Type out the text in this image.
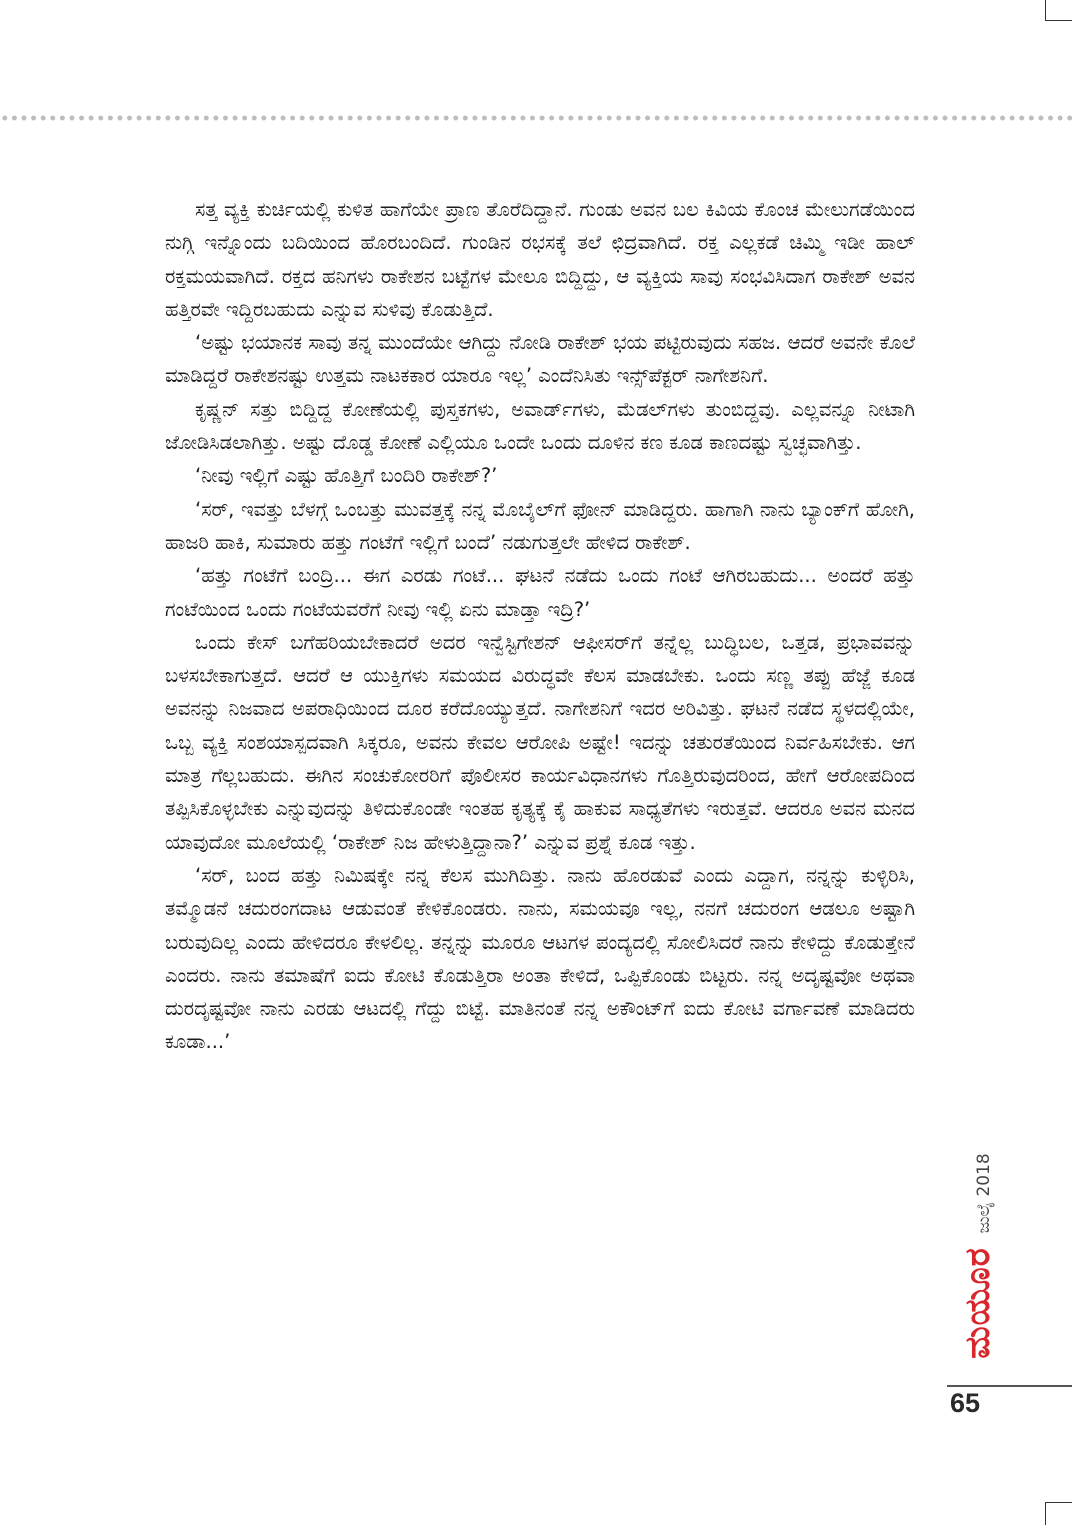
ಸತ್ತ ವ್ಯಕ್ತಿ ಕುರ್ಚಿಯಲ್ಲಿ ಕುಳಿತ ಹಾಗೆಯೇ ಪ್ರಾಣ ತೊರೆದಿದ್ದಾನೆ. ಗುಂಡು ಅವನ ಬಲ ಕಿವಿಯ ಕೊಂಚ ಮೇಲುಗಡೆಯಿಂದ ನುಗ್ಗಿ ಇನ್ನೊಂದು ಬದಿಯಿಂದ ಹೊರಬಂದಿದೆ. ಗುಂಡಿನ ರಭಸಕ್ಕೆ ತಲೆ ಛಿದ್ರವಾಗಿದೆ. ರಕ್ತ ಎಲ್ಲಕಡೆ ಚಿಮ್ಮಿ ಇಡೀ ಹಾಲ್ ರಕ್ತಮಯವಾಗಿದೆ. ರಕ್ತದ ಹನಿಗಳು ರಾಕೇಶನ ಬಟ್ಟೆಗಳ ಮೇಲೂ ಬಿದ್ದಿದ್ದು, ಆ ವ್ಯಕ್ತಿಯ ಸಾವು ಸಂಭವಿಸಿದಾಗ ರಾಕೇಶ್ ಅವನ ಹತ್ತಿರವೇ ಇದ್ದಿರಬಹುದು ಎನ್ನುವ ಸುಳಿವು ಕೊಡುತ್ತಿದೆ.

‘ಅಷ್ಟು ಭಯಾನಕ ಸಾವು ತನ್ನ ಮುಂದೆಯೇ ಆಗಿದ್ದು ನೋಡಿ ರಾಕೇಶ್ ಭಯ ಪಟ್ಟಿರುವುದು ಸಹಜ. ಆದರೆ ಅವನೇ ಕೊಲೆ ಮಾಡಿದ್ದರೆ ರಾಕೇಶನಷ್ಟು ಉತ್ತಮ ನಾಟಕಕಾರ ಯಾರೂ ಇಲ್ಲ’ ಎಂದೆನಿಸಿತು ಇನ್ಸ್‌ಪೆಕ್ಟರ್ ನಾಗೇಶನಿಗೆ.

ಕೃಷ್ಣನ್ ಸತ್ತು ಬಿದ್ದಿದ್ದ ಕೋಣೆಯಲ್ಲಿ ಪುಸ್ತಕಗಳು, ಅವಾರ್ಡ್‌ಗಳು, ಮೆಡಲ್‌ಗಳು ತುಂಬಿದ್ದವು. ಎಲ್ಲವನ್ನೂ ನೀಟಾಗಿ ಜೋಡಿಸಿಡಲಾಗಿತ್ತು. ಅಷ್ಟು ದೊಡ್ಡ ಕೋಣೆ ಎಲ್ಲಿಯೂ ಒಂದೇ ಒಂದು ದೂಳಿನ ಕಣ ಕೂಡ ಕಾಣದಷ್ಟು ಸ್ವಚ್ಛವಾಗಿತ್ತು.

‘ನೀವು ಇಲ್ಲಿಗೆ ಎಷ್ಟು ಹೊತ್ತಿಗೆ ಬಂದಿರಿ ರಾಕೇಶ್?’

‘ಸರ್, ಇವತ್ತು ಬೆಳಗ್ಗೆ ಒಂಬತ್ತು ಮುವತ್ತಕ್ಕೆ ನನ್ನ ಮೊಬೈಲ್‌ಗೆ ಫೋನ್ ಮಾಡಿದ್ದರು. ಹಾಗಾಗಿ ನಾನು ಬ್ಯಾಂಕ್‌ಗೆ ಹೋಗಿ, ಹಾಜರಿ ಹಾಕಿ, ಸುಮಾರು ಹತ್ತು ಗಂಟೆಗೆ ಇಲ್ಲಿಗೆ ಬಂದೆ’ ನಡುಗುತ್ತಲೇ ಹೇಳಿದ ರಾಕೇಶ್.

‘ಹತ್ತು ಗಂಟೆಗೆ ಬಂದ್ರಿ... ಈಗ ಎರಡು ಗಂಟೆ... ಘಟನೆ ನಡೆದು ಒಂದು ಗಂಟೆ ಆಗಿರಬಹುದು... ಅಂದರೆ ಹತ್ತು ಗಂಟೆಯಿಂದ ಒಂದು ಗಂಟೆಯವರೆಗೆ ನೀವು ಇಲ್ಲಿ ಏನು ಮಾಡ್ತಾ ಇದ್ರಿ?’

ಒಂದು ಕೇಸ್ ಬಗೆಹರಿಯಬೇಕಾದರೆ ಅದರ ಇನ್ವೆಸ್ಟಿಗೇಶನ್ ಆಫೀಸರ್‌ಗೆ ತನ್ನೆಲ್ಲ ಬುದ್ಧಿಬಲ, ಒತ್ತಡ, ಪ್ರಭಾವವನ್ನು ಬಳಸಬೇಕಾಗುತ್ತದೆ. ಆದರೆ ಆ ಯುಕ್ತಿಗಳು ಸಮಯದ ವಿರುದ್ಧವೇ ಕೆಲಸ ಮಾಡಬೇಕು. ಒಂದು ಸಣ್ಣ ತಪ್ಪು ಹೆಜ್ಜೆ ಕೂಡ ಅವನನ್ನು ನಿಜವಾದ ಅಪರಾಧಿಯಿಂದ ದೂರ ಕರೆದೊಯ್ಯುತ್ತದೆ. ನಾಗೇಶನಿಗೆ ಇದರ ಅರಿವಿತ್ತು. ಘಟನೆ ನಡೆದ ಸ್ಥಳದಲ್ಲಿಯೇ, ಒಬ್ಬ ವ್ಯಕ್ತಿ ಸಂಶಯಾಸ್ಪದವಾಗಿ ಸಿಕ್ಕರೂ, ಅವನು ಕೇವಲ ಆರೋಪಿ ಅಷ್ಟೇ! ಇದನ್ನು ಚತುರತೆಯಿಂದ ನಿರ್ವಹಿಸಬೇಕು. ಆಗ ಮಾತ್ರ ಗೆಲ್ಲಬಹುದು. ಈಗಿನ ಸಂಚುಕೋರರಿಗೆ ಪೊಲೀಸರ ಕಾರ್ಯವಿಧಾನಗಳು ಗೊತ್ತಿರುವುದರಿಂದ, ಹೇಗೆ ಆರೋಪದಿಂದ ತಪ್ಪಿಸಿಕೊಳ್ಳಬೇಕು ಎನ್ನುವುದನ್ನು ತಿಳಿದುಕೊಂಡೇ ಇಂತಹ ಕೃತ್ಯಕ್ಕೆ ಕೈ ಹಾಕುವ ಸಾಧ್ಯತೆಗಳು ಇರುತ್ತವೆ. ಆದರೂ ಅವನ ಮನದ ಯಾವುದೋ ಮೂಲೆಯಲ್ಲಿ ‘ರಾಕೇಶ್ ನಿಜ ಹೇಳುತ್ತಿದ್ದಾನಾ?’ ಎನ್ನುವ ಪ್ರಶ್ನೆ ಕೂಡ ಇತ್ತು.

‘ಸರ್, ಬಂದ ಹತ್ತು ನಿಮಿಷಕ್ಕೇ ನನ್ನ ಕೆಲಸ ಮುಗಿದಿತ್ತು. ನಾನು ಹೊರಡುವೆ ಎಂದು ಎದ್ದಾಗ, ನನ್ನನ್ನು ಕುಳ್ಳಿರಿಸಿ, ತಮ್ಮೊಡನೆ ಚದುರಂಗದಾಟ ಆಡುವಂತೆ ಕೇಳಿಕೊಂಡರು. ನಾನು, ಸಮಯವೂ ಇಲ್ಲ, ನನಗೆ ಚದುರಂಗ ಆಡಲೂ ಅಷ್ಟಾಗಿ ಬರುವುದಿಲ್ಲ ಎಂದು ಹೇಳಿದರೂ ಕೇಳಲಿಲ್ಲ. ತನ್ನನ್ನು ಮೂರೂ ಆಟಗಳ ಪಂದ್ಯದಲ್ಲಿ ಸೋಲಿಸಿದರೆ ನಾನು ಕೇಳಿದ್ದು ಕೊಡುತ್ತೇನೆ ಎಂದರು. ನಾನು ತಮಾಷೆಗೆ ಐದು ಕೋಟಿ ಕೊಡುತ್ತಿರಾ ಅಂತಾ ಕೇಳಿದೆ, ಒಪ್ಪಿಕೊಂಡು ಬಿಟ್ಟರು. ನನ್ನ ಅದೃಷ್ಟವೋ ಅಥವಾ ದುರದೃಷ್ಟವೋ ನಾನು ಎರಡು ಆಟದಲ್ಲಿ ಗೆದ್ದು ಬಿಟ್ಟೆ. ಮಾತಿನಂತೆ ನನ್ನ ಅಕೌಂಟ್‌ಗೆ ಐದು ಕೋಟಿ ವರ್ಗಾವಣೆ ಮಾಡಿದರು ಕೂಡಾ...’

ಮಯೂರ
ಜುಲೈ 2018
65
